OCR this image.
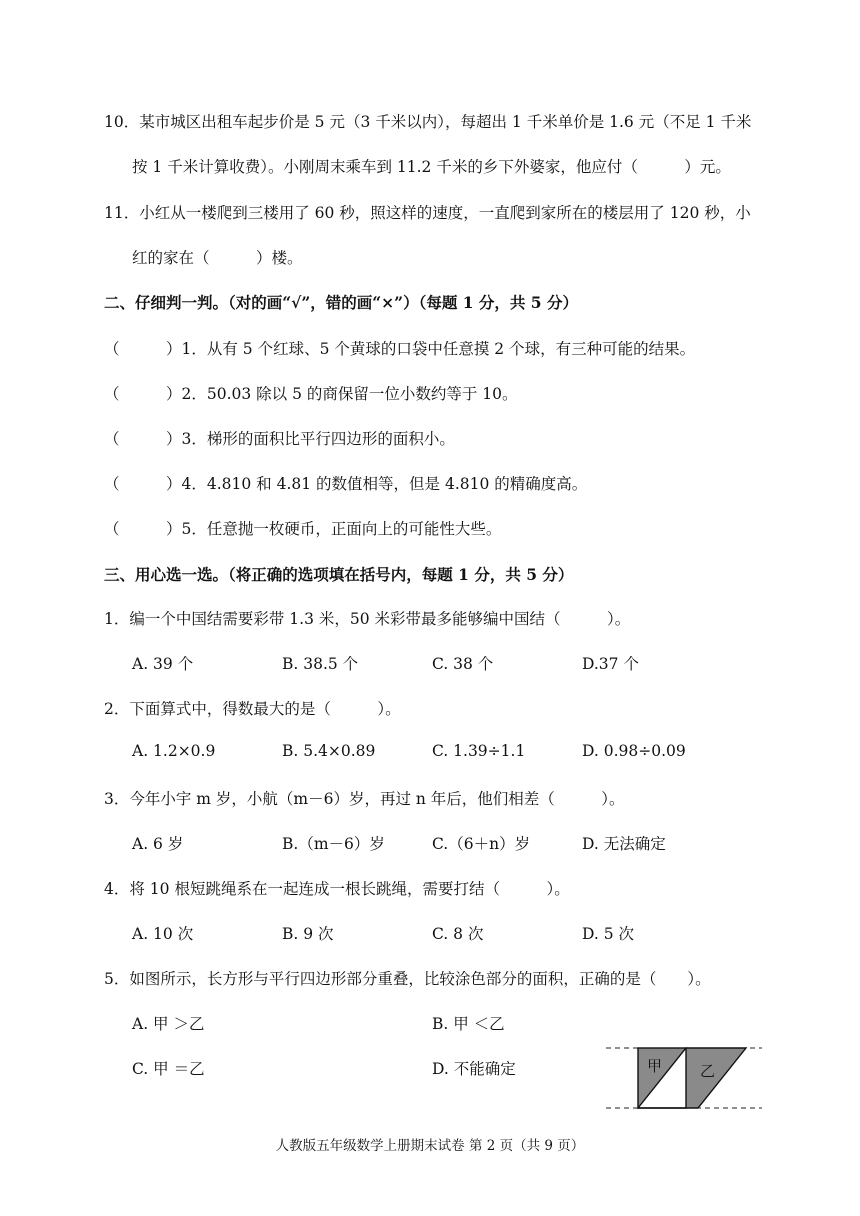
10．某市城区出租车起步价是 5 元（3 千米以内），每超出 1 千米单价是 1.6 元（不足 1 千米
按 1 千米计算收费）。小刚周末乘车到 11.2 千米的乡下外婆家，他应付（　　　）元。
11．小红从一楼爬到三楼用了 60 秒，照这样的速度，一直爬到家所在的楼层用了 120 秒，小
红的家在（　　　）楼。
二、仔细判一判。（对的画“√”，错的画“×”）（每题 1 分，共 5 分）
（　　　）1．从有 5 个红球、5 个黄球的口袋中任意摸 2 个球，有三种可能的结果。
（　　　）2．50.03 除以 5 的商保留一位小数约等于 10。
（　　　）3．梯形的面积比平行四边形的面积小。
（　　　）4．4.810 和 4.81 的数值相等，但是 4.810 的精确度高。
（　　　）5．任意抛一枚硬币，正面向上的可能性大些。
三、用心选一选。（将正确的选项填在括号内，每题 1 分，共 5 分）
1．编一个中国结需要彩带 1.3 米，50 米彩带最多能够编中国结（　　　）。
A. 39 个	B. 38.5 个	C. 38 个	D.37 个
2．下面算式中，得数最大的是（　　　）。
A. 1.2×0.9	B. 5.4×0.89	C. 1.39÷1.1	D. 0.98÷0.09
3．今年小宇 m 岁，小航（m－6）岁，再过 n 年后，他们相差（　　　）。
A. 6 岁	B.（m－6）岁	C.（6＋n）岁	D. 无法确定
4．将 10 根短跳绳系在一起连成一根长跳绳，需要打结（　　　）。
A. 10 次	B. 9 次	C. 8 次	D. 5 次
5．如图所示，长方形与平行四边形部分重叠，比较涂色部分的面积，正确的是（　　）。
A. 甲 ＞乙	B. 甲 ＜乙
C. 甲 ＝乙	D. 不能确定	甲	乙
人教版五年级数学上册期末试卷 第 2 页（共 9 页）
